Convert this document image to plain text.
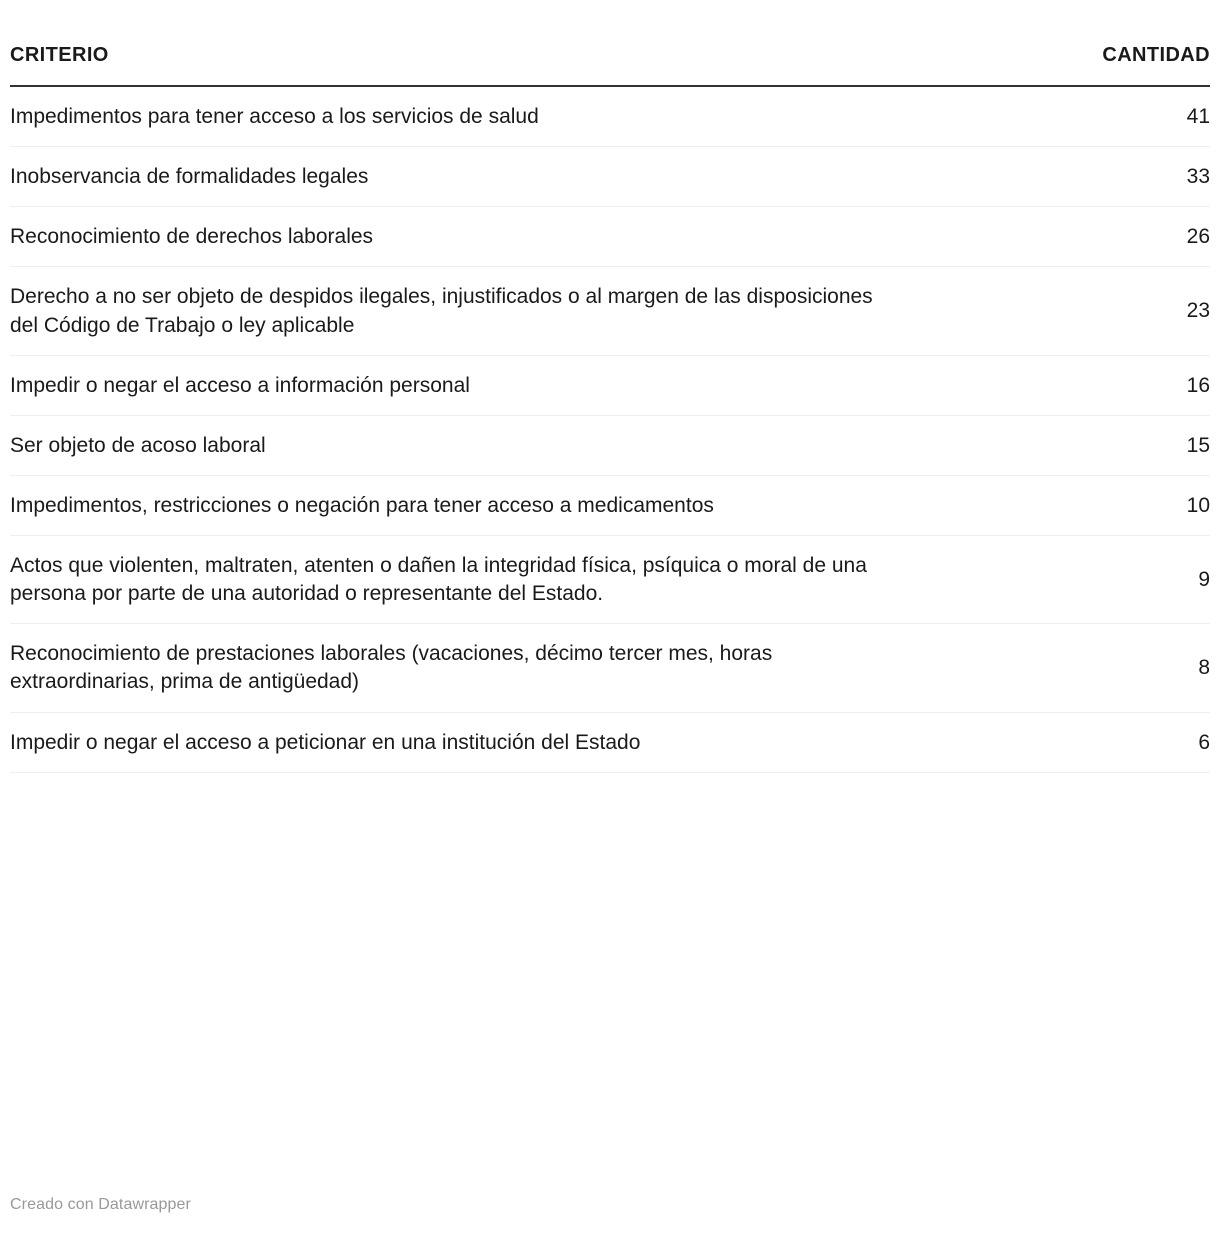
CRITERIO	CANTIDAD
Impedimentos para tener acceso a los servicios de salud	41
Inobservancia de formalidades legales	33
Reconocimiento de derechos laborales	26
Derecho a no ser objeto de despidos ilegales, injustificados o al margen de las disposiciones del Código de Trabajo o ley aplicable	23
Impedir o negar el acceso a información personal	16
Ser objeto de acoso laboral	15
Impedimentos, restricciones o negación para tener acceso a medicamentos	10
Actos que violenten, maltraten, atenten o dañen la integridad física, psíquica o moral de una persona por parte de una autoridad o representante del Estado.	9
Reconocimiento de prestaciones laborales (vacaciones, décimo tercer mes, horas extraordinarias, prima de antigüedad)	8
Impedir o negar el acceso a peticionar en una institución del Estado	6
Creado con Datawrapper
